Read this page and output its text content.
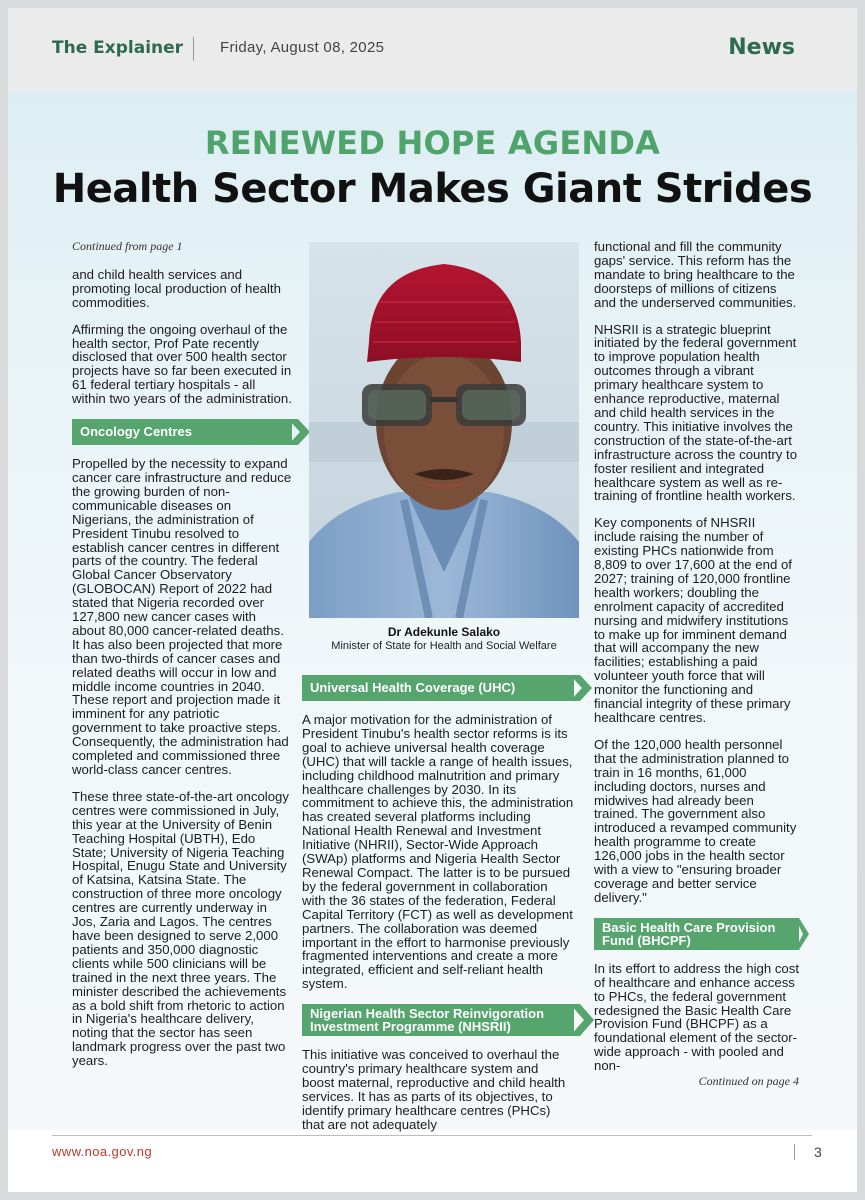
The Explainer Friday, August 08, 2025	News
RENEWED HOPE AGENDA
Health Sector Makes Giant Strides

Continued from page 1

and child health services and promoting local production of health commodities.

Affirming the ongoing overhaul of the health sector, Prof Pate recently disclosed that over 500 health sector projects have so far been executed in 61 federal tertiary hospitals - all within two years of the administration.

Oncology Centres

Propelled by the necessity to expand cancer care infrastructure and reduce the growing burden of non-communicable diseases on Nigerians, the administration of President Tinubu resolved to establish cancer centres in different parts of the country. The federal Global Cancer Observatory (GLOBOCAN) Report of 2022 had stated that Nigeria recorded over 127,800 new cancer cases with about 80,000 cancer-related deaths. It has also been projected that more than two-thirds of cancer cases and related deaths will occur in low and middle income countries in 2040. These report and projection made it imminent for any patriotic government to take proactive steps. Consequently, the administration had completed and commissioned three world-class cancer centres.

These three state-of-the-art oncology centres were commissioned in July, this year at the University of Benin Teaching Hospital (UBTH), Edo State; University of Nigeria Teaching Hospital, Enugu State and University of Katsina, Katsina State. The construction of three more oncology centres are currently underway in Jos, Zaria and Lagos. The centres have been designed to serve 2,000 patients and 350,000 diagnostic clients while 500 clinicians will be trained in the next three years. The minister described the achievements as a bold shift from rhetoric to action in Nigeria's healthcare delivery, noting that the sector has seen landmark progress over the past two years.

Dr Adekunle Salako
Minister of State for Health and Social Welfare
Universal Health Coverage (UHC)

A major motivation for the administration of President Tinubu's health sector reforms is its goal to achieve universal health coverage (UHC) that will tackle a range of health issues, including childhood malnutrition and primary healthcare challenges by 2030. In its commitment to achieve this, the administration has created several platforms including National Health Renewal and Investment Initiative (NHRII), Sector-Wide Approach (SWAp) platforms and Nigeria Health Sector Renewal Compact. The latter is to be pursued by the federal government in collaboration with the 36 states of the federation, Federal Capital Territory (FCT) as well as development partners. The collaboration was deemed important in the effort to harmonise previously fragmented interventions and create a more integrated, efficient and self-reliant health system.

Nigerian Health Sector Reinvigoration
Investment Programme (NHSRII)

This initiative was conceived to overhaul the country's primary healthcare system and boost maternal, reproductive and child health services. It has as parts of its objectives, to identify primary healthcare centres (PHCs) that are not adequately

functional and fill the community gaps' service. This reform has the mandate to bring healthcare to the doorsteps of millions of citizens and the underserved communities.

NHSRII is a strategic blueprint initiated by the federal government to improve population health outcomes through a vibrant primary healthcare system to enhance reproductive, maternal and child health services in the country. This initiative involves the construction of the state-of-the-art infrastructure across the country to foster resilient and integrated healthcare system as well as re-training of frontline health workers.

Key components of NHSRII include raising the number of existing PHCs nationwide from 8,809 to over 17,600 at the end of 2027; training of 120,000 frontline health workers; doubling the enrolment capacity of accredited nursing and midwifery institutions to make up for imminent demand that will accompany the new facilities; establishing a paid volunteer youth force that will monitor the functioning and financial integrity of these primary healthcare centres.

Of the 120,000 health personnel that the administration planned to train in 16 months, 61,000 including doctors, nurses and midwives had already been trained. The government also introduced a revamped community health programme to create 126,000 jobs in the health sector with a view to "ensuring broader coverage and better service delivery."

Basic Health Care Provision
Fund (BHCPF)

In its effort to address the high cost of healthcare and enhance access to PHCs, the federal government redesigned the Basic Health Care Provision Fund (BHCPF) as a foundational element of the sector-wide approach - with pooled and non-

Continued on page 4

www.noa.gov.ng	3
